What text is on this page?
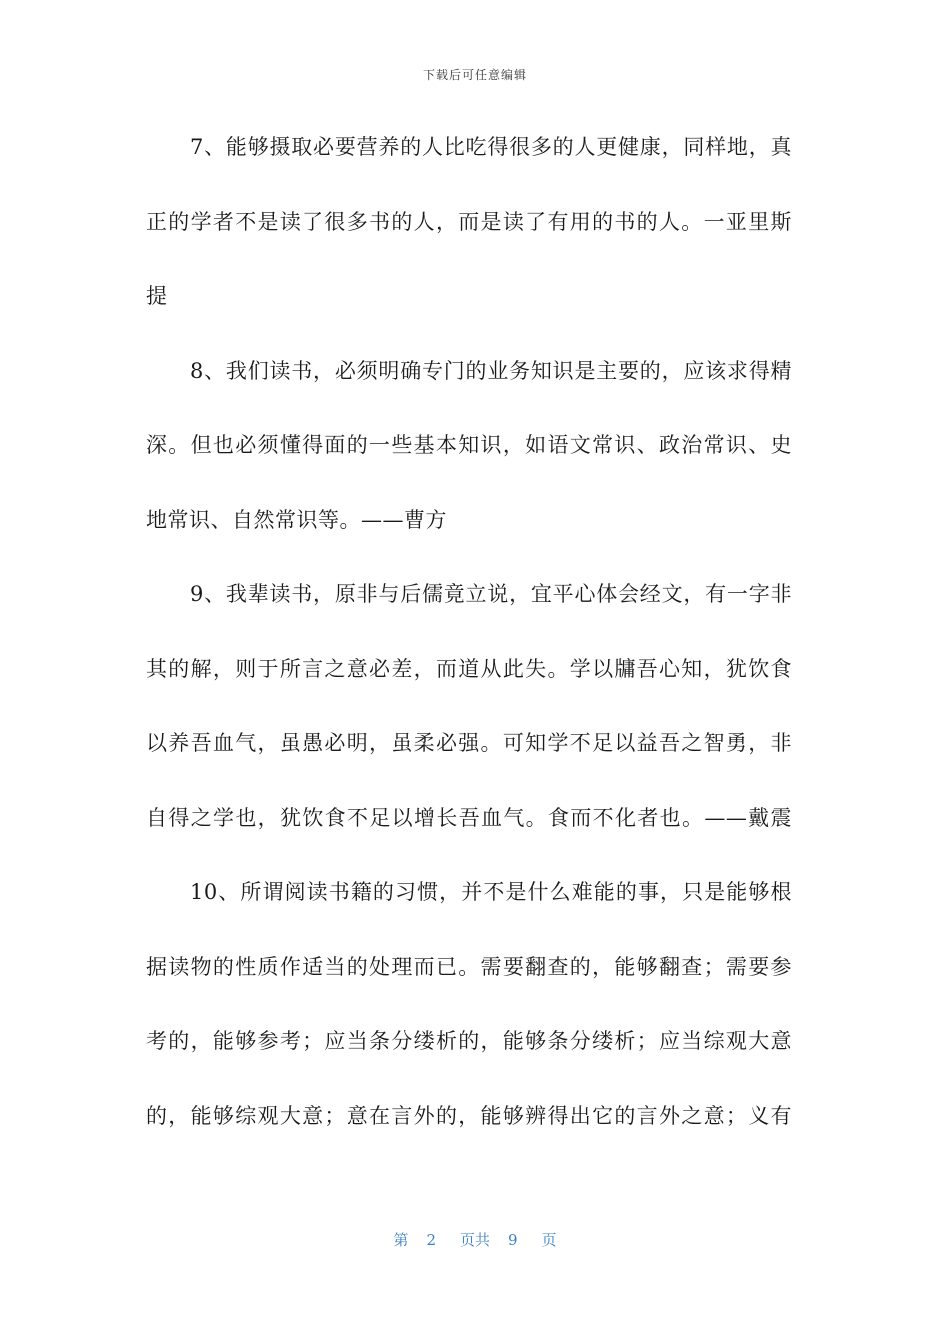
下载后可任意编辑
7、能够摄取必要营养的人比吃得很多的人更健康，同样地，真
正的学者不是读了很多书的人，而是读了有用的书的人。一亚里斯
提
8、我们读书，必须明确专门的业务知识是主要的，应该求得精
深。但也必须懂得面的一些基本知识，如语文常识、政治常识、史
地常识、自然常识等。——曹方
9、我辈读书，原非与后儒竟立说，宜平心体会经文，有一字非
其的解，则于所言之意必差，而道从此失。学以牗吾心知，犹饮食
以养吾血气，虽愚必明，虽柔必强。可知学不足以益吾之智勇，非
自得之学也，犹饮食不足以增长吾血气。食而不化者也。——戴震
10、所谓阅读书籍的习惯，并不是什么难能的事，只是能够根
据读物的性质作适当的处理而已。需要翻查的，能够翻查；需要参
考的，能够参考；应当条分缕析的，能够条分缕析；应当综观大意
的，能够综观大意；意在言外的，能够辨得出它的言外之意；义有
第 2 页共 9 页
